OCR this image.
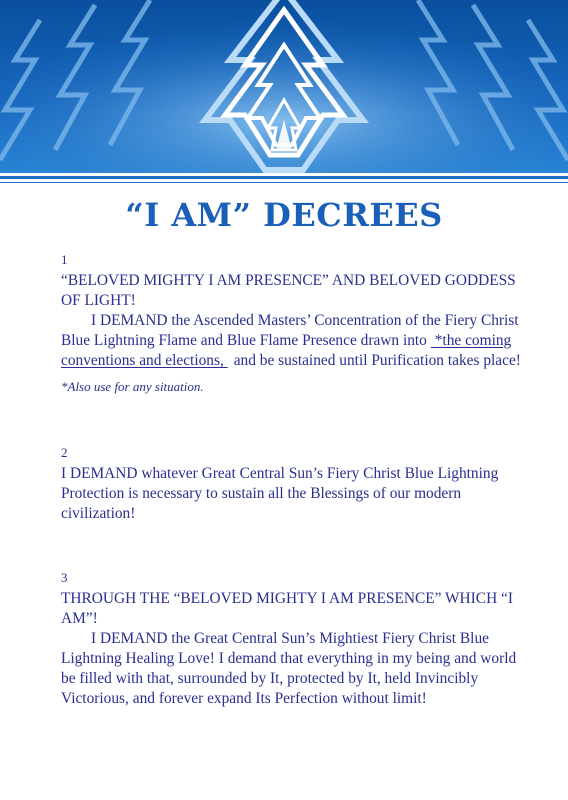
“I AM” DECREES
1
“BELOVED MIGHTY I AM PRESENCE” AND BELOVED GODDESS OF LIGHT!
I DEMAND the Ascended Masters’ Concentration of the Fiery Christ Blue Lightning Flame and Blue Flame Presence drawn into *the coming conventions and elections, and be sustained until Purification takes place!
*Also use for any situation.
2
I DEMAND whatever Great Central Sun’s Fiery Christ Blue Lightning Protection is necessary to sustain all the Blessings of our modern civilization!
3
THROUGH THE “BELOVED MIGHTY I AM PRESENCE” WHICH “I AM”!
I DEMAND the Great Central Sun’s Mightiest Fiery Christ Blue Lightning Healing Love! I demand that everything in my being and world be filled with that, surrounded by It, protected by It, held Invincibly Victorious, and forever expand Its Perfection without limit!
